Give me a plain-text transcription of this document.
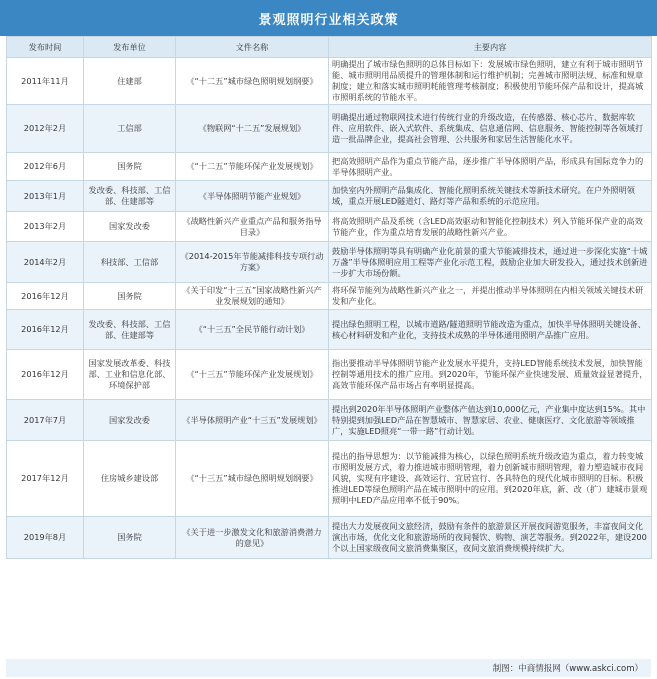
景观照明行业相关政策
发布时间	发布单位	文件名称	主要内容
2011年11月	住建部	《“十二五”城市绿色照明规划纲要》	明确提出了城市绿色照明的总体目标如下：发展城市绿色照明，建立有利于城市照明节能、城市照明用品质提升的管理体制和运行维护机制；完善城市照明法规、标准和规章制度；建立和落实城市照明耗能管理考核制度；积极使用节能环保产品和设计，提高城市照明系统的节能水平。
2012年2月	工信部	《物联网“十二五”发展规划》	明确提出通过物联网技术进行传统行业的升级改造，在传感器、核心芯片、数据库软件、应用软件、嵌入式软件、系统集成、信息通信网、信息服务、智能控制等各领域打造一批品牌企业，提高社会管理、公共服务和家居生活智能化水平。
2012年6月	国务院	《“十二五”节能环保产业发展规划》	把高效照明产品作为重点节能产品，逐步推广半导体照明产品，形成具有国际竞争力的半导体照明产业。
2013年1月	发改委、科技部、工信部、住建部等	《半导体照明节能产业规划》	加快室内外照明产品集成化、智能化照明系统关键技术等新技术研究。在户外照明领域，重点开展LED隧道灯、路灯等产品和系统的示范应用。
2013年2月	国家发改委	《战略性新兴产业重点产品和服务指导目录》	将高效照明产品及系统（含LED高效驱动和智能化控制技术）列入节能环保产业的高效节能产业，作为重点培育发展的战略性新兴产业。
2014年2月	科技部、工信部	《2014-2015年节能减排科技专项行动方案》	鼓励半导体照明等具有明确产业化前景的重大节能减排技术，通过进一步深化实施“十城万盏”半导体照明应用工程等产业化示范工程，鼓励企业加大研发投入，通过技术创新进一步扩大市场份额。
2016年12月	国务院	《关于印发“十三五”国家战略性新兴产业发展规划的通知》	将环保节能列为战略性新兴产业之一，并提出推动半导体照明在内相关领域关键技术研发和产业化。
2016年12月	发改委、科技部、工信部、住建部等	《“十三五”全民节能行动计划》	提出绿色照明工程，以城市道路/隧道照明节能改造为重点，加快半导体照明关键设备、核心材料研发和产业化，支持技术成熟的半导体通用照明产品推广应用。
2016年12月	国家发展改革委、科技部、工业和信息化部、环境保护部	《“十三五”节能环保产业发展规划》	指出要推动半导体照明节能产业发展水平提升，支持LED智能系统技术发展，加快智能控制等通用技术的推广应用。到2020年，节能环保产业快速发展、质量效益显著提升，高效节能环保产品市场占有率明显提高。
2017年7月	国家发改委	《半导体照明产业“十三五”发展规划》	提出到2020年半导体照明产业整体产值达到10,000亿元，产业集中度达到15%。其中特别提到加强LED产品在智慧城市、智慧家居、农业、健康医疗、文化旅游等领域推广，实施LED照亮“一带一路”行动计划。
2017年12月	住房城乡建设部	《“十三五”城市绿色照明规划纲要》	提出的指导思想为：以节能减排为核心，以绿色照明系统升级改造为重点，着力转变城市照明发展方式，着力推进城市照明管理，着力创新城市照明管理，着力塑造城市夜间风貌，实现有序建设、高效运行、宜居宜行、各具特色的现代化城市照明的目标。积极推进LED等绿色照明产品在城市照明中的应用。到2020年底，新、改（扩）建城市景观照明中LED产品应用率不低于90%。
2019年8月	国务院	《关于进一步激发文化和旅游消费潜力的意见》	提出大力发展夜间文旅经济，鼓励有条件的旅游景区开展夜间游览服务，丰富夜间文化演出市场，优化文化和旅游场所的夜间餐饮、购物、演艺等服务。到2022年，建设200个以上国家级夜间文旅消费集聚区，夜间文旅消费规模持续扩大。
制图：中商情报网（www.askci.com）
